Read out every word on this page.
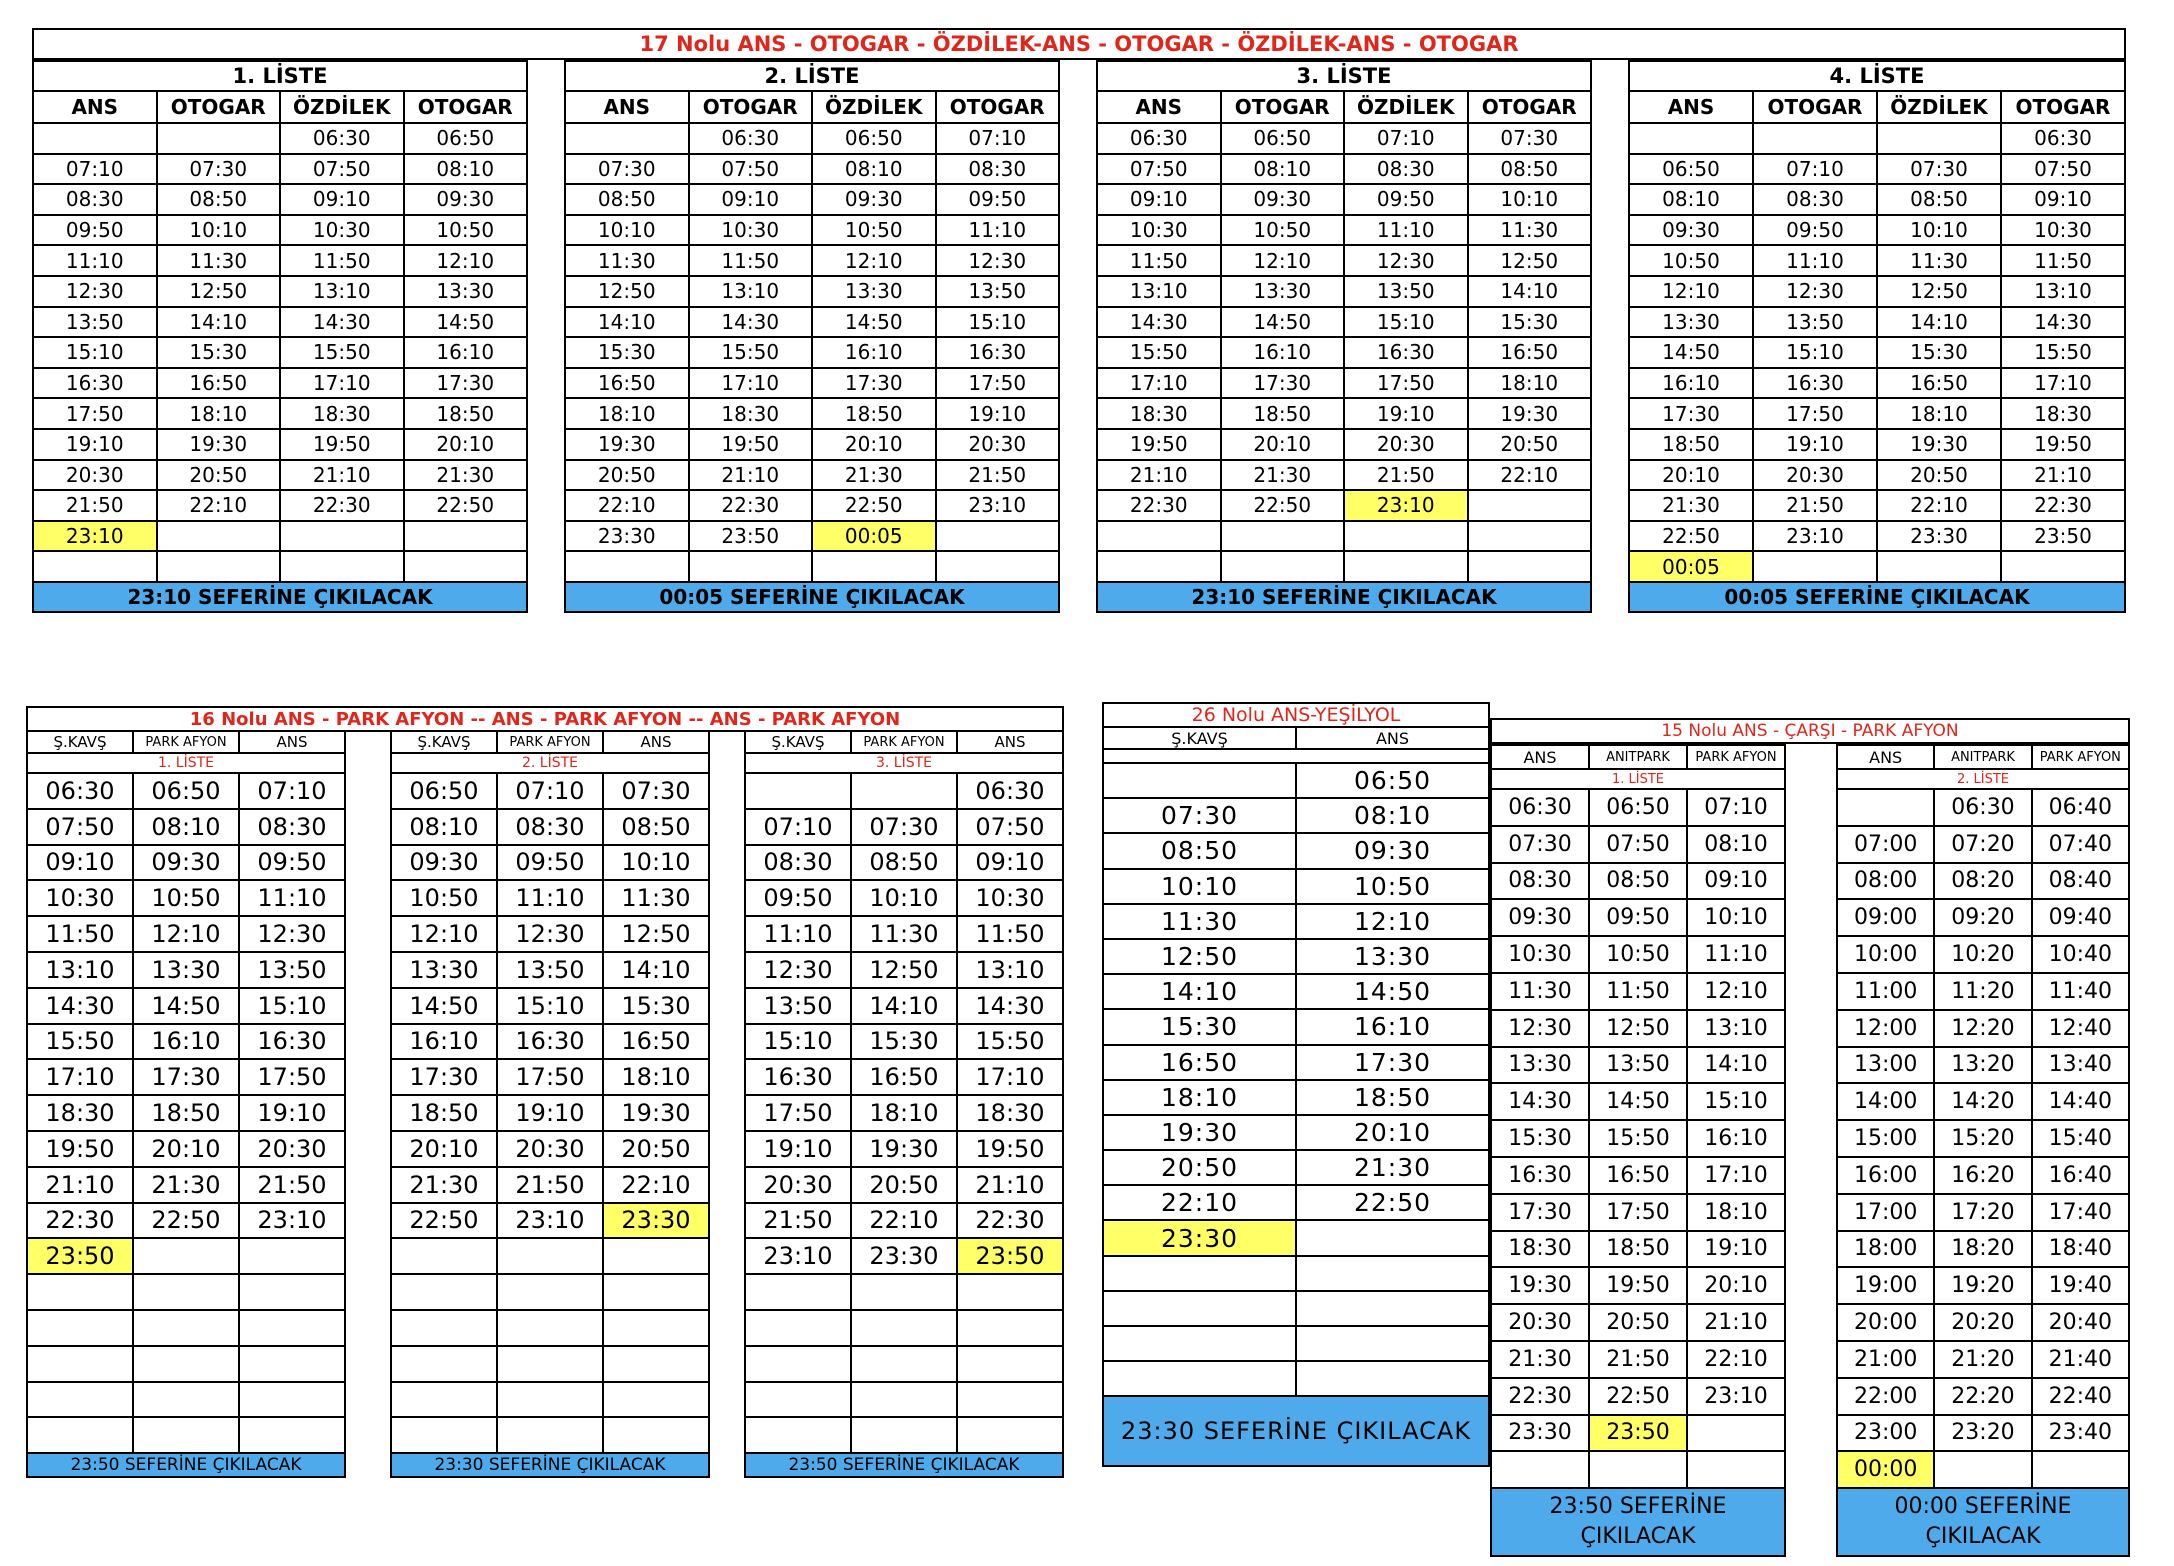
17 Nolu ANS - OTOGAR - ÖZDİLEK-ANS - OTOGAR - ÖZDİLEK-ANS - OTOGAR
1. LİSTE			
ANS	OTOGAR	ÖZDİLEK	OTOGAR
		06:30	06:50
07:10	07:30	07:50	08:10
08:30	08:50	09:10	09:30
09:50	10:10	10:30	10:50
11:10	11:30	11:50	12:10
12:30	12:50	13:10	13:30
13:50	14:10	14:30	14:50
15:10	15:30	15:50	16:10
16:30	16:50	17:10	17:30
17:50	18:10	18:30	18:50
19:10	19:30	19:50	20:10
20:30	20:50	21:10	21:30
21:50	22:10	22:30	22:50
23:10			

23:10 SEFERİNE ÇIKILACAK			
2. LİSTE			
ANS	OTOGAR	ÖZDİLEK	OTOGAR
	06:30	06:50	07:10
07:30	07:50	08:10	08:30
08:50	09:10	09:30	09:50
10:10	10:30	10:50	11:10
11:30	11:50	12:10	12:30
12:50	13:10	13:30	13:50
14:10	14:30	14:50	15:10
15:30	15:50	16:10	16:30
16:50	17:10	17:30	17:50
18:10	18:30	18:50	19:10
19:30	19:50	20:10	20:30
20:50	21:10	21:30	21:50
22:10	22:30	22:50	23:10
23:30	23:50	00:05	

00:05 SEFERİNE ÇIKILACAK			
3. LİSTE			
ANS	OTOGAR	ÖZDİLEK	OTOGAR
06:30	06:50	07:10	07:30
07:50	08:10	08:30	08:50
09:10	09:30	09:50	10:10
10:30	10:50	11:10	11:30
11:50	12:10	12:30	12:50
13:10	13:30	13:50	14:10
14:30	14:50	15:10	15:30
15:50	16:10	16:30	16:50
17:10	17:30	17:50	18:10
18:30	18:50	19:10	19:30
19:50	20:10	20:30	20:50
21:10	21:30	21:50	22:10
22:30	22:50	23:10	

23:10 SEFERİNE ÇIKILACAK			
4. LİSTE			
ANS	OTOGAR	ÖZDİLEK	OTOGAR
			06:30
06:50	07:10	07:30	07:50
08:10	08:30	08:50	09:10
09:30	09:50	10:10	10:30
10:50	11:10	11:30	11:50
12:10	12:30	12:50	13:10
13:30	13:50	14:10	14:30
14:50	15:10	15:30	15:50
16:10	16:30	16:50	17:10
17:30	17:50	18:10	18:30
18:50	19:10	19:30	19:50
20:10	20:30	20:50	21:10
21:30	21:50	22:10	22:30
22:50	23:10	23:30	23:50
00:05			
00:05 SEFERİNE ÇIKILACAK			
16 Nolu ANS - PARK AFYON -- ANS - PARK AFYON -- ANS - PARK AFYON
Ş.KAVŞ	PARK AFYON	ANS
1. LİSTE		
06:30	06:50	07:10
07:50	08:10	08:30
09:10	09:30	09:50
10:30	10:50	11:10
11:50	12:10	12:30
13:10	13:30	13:50
14:30	14:50	15:10
15:50	16:10	16:30
17:10	17:30	17:50
18:30	18:50	19:10
19:50	20:10	20:30
21:10	21:30	21:50
22:30	22:50	23:10
23:50		

23:50 SEFERİNE ÇIKILACAK		
Ş.KAVŞ	PARK AFYON	ANS
2. LİSTE		
06:50	07:10	07:30
08:10	08:30	08:50
09:30	09:50	10:10
10:50	11:10	11:30
12:10	12:30	12:50
13:30	13:50	14:10
14:50	15:10	15:30
16:10	16:30	16:50
17:30	17:50	18:10
18:50	19:10	19:30
20:10	20:30	20:50
21:30	21:50	22:10
22:50	23:10	23:30

23:30 SEFERİNE ÇIKILACAK		
Ş.KAVŞ	PARK AFYON	ANS
3. LİSTE		
		06:30
07:10	07:30	07:50
08:30	08:50	09:10
09:50	10:10	10:30
11:10	11:30	11:50
12:30	12:50	13:10
13:50	14:10	14:30
15:10	15:30	15:50
16:30	16:50	17:10
17:50	18:10	18:30
19:10	19:30	19:50
20:30	20:50	21:10
21:50	22:10	22:30
23:10	23:30	23:50

23:50 SEFERİNE ÇIKILACAK		
26 Nolu ANS-YEŞİLYOL	
Ş.KAVŞ	ANS

	06:50
07:30	08:10
08:50	09:30
10:10	10:50
11:30	12:10
12:50	13:30
14:10	14:50
15:30	16:10
16:50	17:30
18:10	18:50
19:30	20:10
20:50	21:30
22:10	22:50
23:30	

23:30 SEFERİNE ÇIKILACAK	
15 Nolu ANS - ÇARŞI - PARK AFYON
ANS	ANITPARK	PARK AFYON
1. LİSTE		
06:30	06:50	07:10
07:30	07:50	08:10
08:30	08:50	09:10
09:30	09:50	10:10
10:30	10:50	11:10
11:30	11:50	12:10
12:30	12:50	13:10
13:30	13:50	14:10
14:30	14:50	15:10
15:30	15:50	16:10
16:30	16:50	17:10
17:30	17:50	18:10
18:30	18:50	19:10
19:30	19:50	20:10
20:30	20:50	21:10
21:30	21:50	22:10
22:30	22:50	23:10
23:30	23:50	

23:50 SEFERİNE ÇIKILACAK		
ANS	ANITPARK	PARK AFYON
2. LİSTE		
	06:30	06:40
07:00	07:20	07:40
08:00	08:20	08:40
09:00	09:20	09:40
10:00	10:20	10:40
11:00	11:20	11:40
12:00	12:20	12:40
13:00	13:20	13:40
14:00	14:20	14:40
15:00	15:20	15:40
16:00	16:20	16:40
17:00	17:20	17:40
18:00	18:20	18:40
19:00	19:20	19:40
20:00	20:20	20:40
21:00	21:20	21:40
22:00	22:20	22:40
23:00	23:20	23:40
00:00		
00:00 SEFERİNE ÇIKILACAK		
